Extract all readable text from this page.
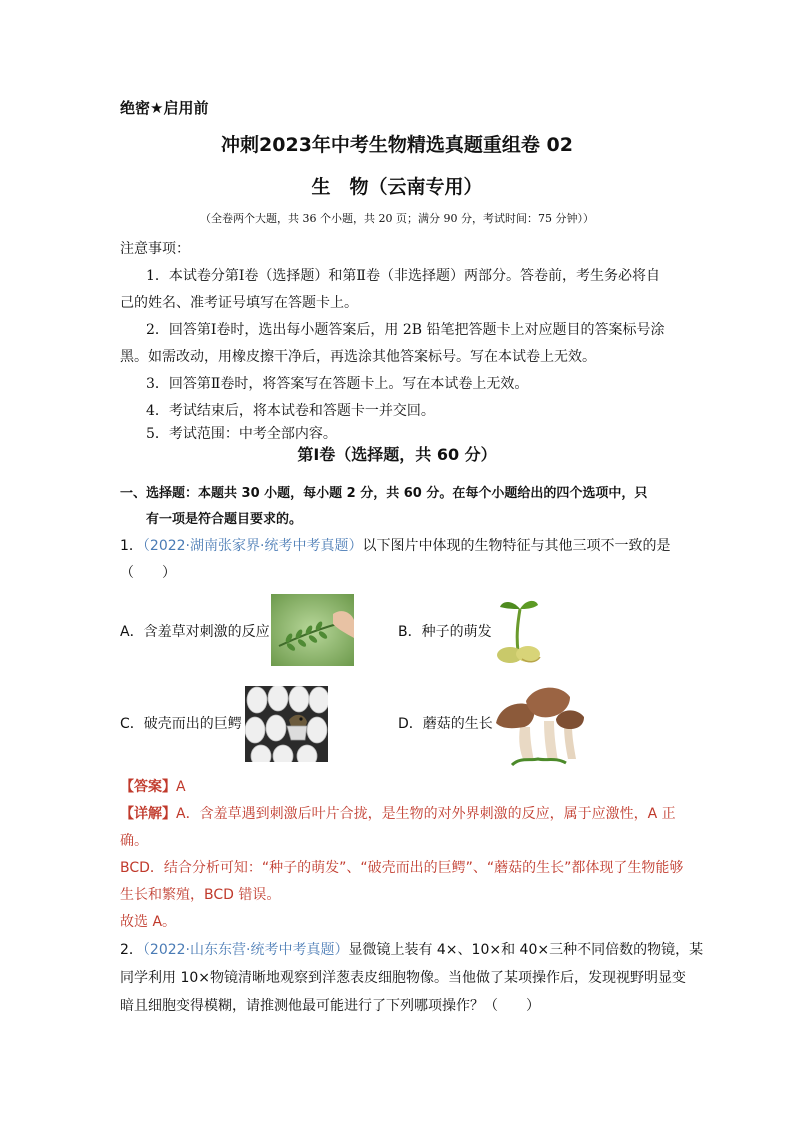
绝密★启用前
冲刺2023年中考生物精选真题重组卷 02
生　物（云南专用）
（全卷两个大题，共 36 个小题，共 20 页；满分 90 分，考试时间：75 分钟））
注意事项：
1．本试卷分第Ⅰ卷（选择题）和第Ⅱ卷（非选择题）两部分。答卷前，考生务必将自
己的姓名、准考证号填写在答题卡上。
2．回答第Ⅰ卷时，选出每小题答案后，用 2B 铅笔把答题卡上对应题目的答案标号涂
黑。如需改动，用橡皮擦干净后，再选涂其他答案标号。写在本试卷上无效。
3．回答第Ⅱ卷时，将答案写在答题卡上。写在本试卷上无效。
4．考试结束后，将本试卷和答题卡一并交回。
5．考试范围：中考全部内容。
第Ⅰ卷（选择题，共 60 分）
一、选择题：本题共 30 小题，每小题 2 分，共 60 分。在每个小题给出的四个选项中，只
有一项是符合题目要求的。
1．（2022·湖南张家界·统考中考真题）以下图片中体现的生物特征与其他三项不一致的是
（　　）
A．含羞草对刺激的反应	B．种子的萌发
C．破壳而出的巨鳄	D．蘑菇的生长
【答案】A
【详解】A．含羞草遇到刺激后叶片合拢，是生物的对外界刺激的反应，属于应激性，A 正
确。
BCD．结合分析可知：“种子的萌发”、“破壳而出的巨鳄”、“蘑菇的生长”都体现了生物能够
生长和繁殖，BCD 错误。
故选 A。
2．（2022·山东东营·统考中考真题）显微镜上装有 4×、10×和 40×三种不同倍数的物镜，某
同学利用 10×物镜清晰地观察到洋葱表皮细胞物像。当他做了某项操作后，发现视野明显变
暗且细胞变得模糊，请推测他最可能进行了下列哪项操作？（　　）
